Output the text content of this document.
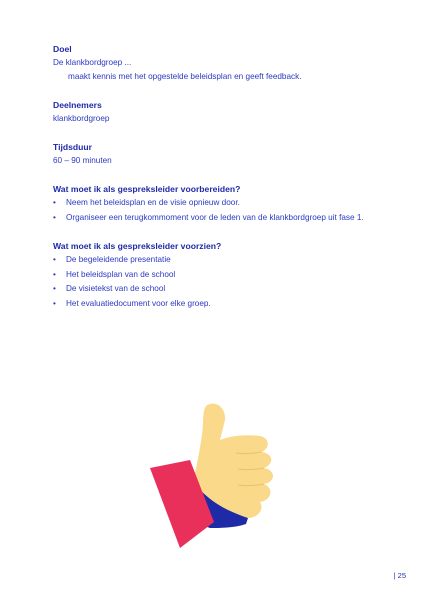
Doel
De klankbordgroep ...
maakt kennis met het opgestelde beleidsplan en geeft feedback.
Deelnemers
klankbordgroep
Tijdsduur
60 – 90 minuten
Wat moet ik als gespreksleider voorbereiden?
• Neem het beleidsplan en de visie opnieuw door.
• Organiseer een terugkommoment voor de leden van de klankbordgroep uit fase 1.
Wat moet ik als gespreksleider voorzien?
• De begeleidende presentatie
• Het beleidsplan van de school
• De visietekst van de school
• Het evaluatiedocument voor elke groep.
| 25
